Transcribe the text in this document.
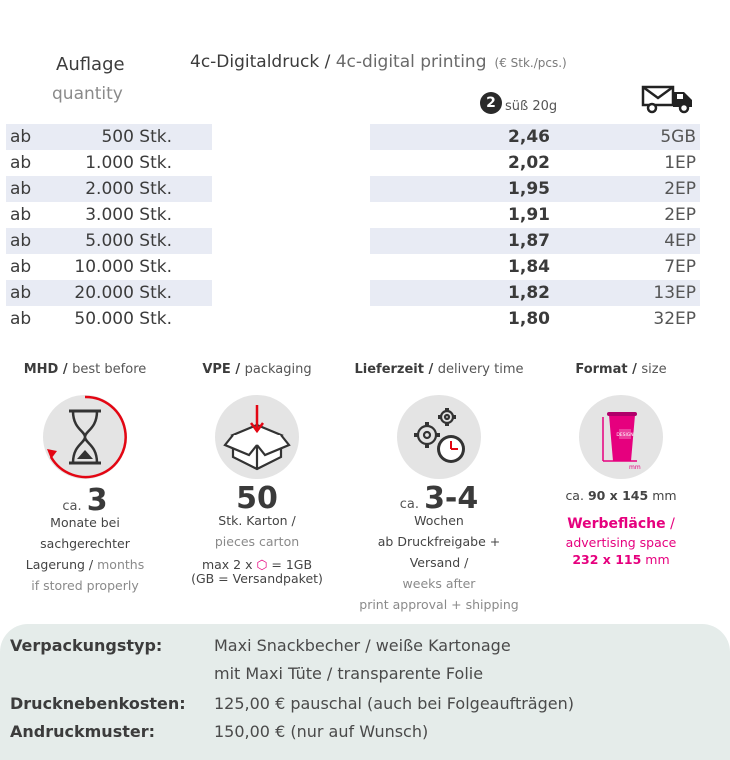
Auflage
quantity
4c-Digitaldruck / 4c-digital printing (€ Stk./pcs.)
2 süß 20g
ab	500 Stk.	2,46	5GB
ab	1.000 Stk.	2,02	1EP
ab	2.000 Stk.	1,95	2EP
ab	3.000 Stk.	1,91	2EP
ab	5.000 Stk.	1,87	4EP
ab	10.000 Stk.	1,84	7EP
ab	20.000 Stk.	1,82	13EP
ab	50.000 Stk.	1,80	32EP
MHD / best before
ca. 3
Monate bei
sachgerechter
Lagerung / months
if stored properly
VPE / packaging
50
Stk. Karton /
pieces carton
max 2 x ⬡ = 1GB
(GB = Versandpaket)
Lieferzeit / delivery time
ca. 3-4
Wochen
ab Druckfreigabe + Versand /
weeks after
print approval + shipping
Format / size
DESIGN
mm
ca. 90 x 145 mm
Werbefläche /
advertising space
232 x 115 mm
Verpackungstyp:	Maxi Snackbecher / weiße Kartonage
mit Maxi Tüte / transparente Folie
Drucknebenkosten: 125,00 € pauschal (auch bei Folgeaufträgen)
Andruckmuster:	150,00 € (nur auf Wunsch)
